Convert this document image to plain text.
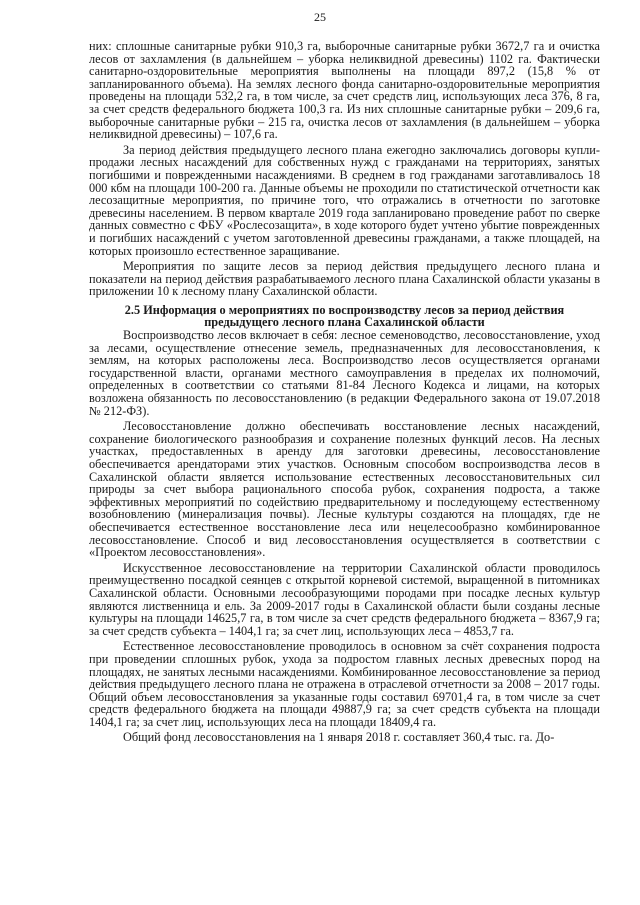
25

них: сплошные санитарные рубки 910,3 га, выборочные санитарные рубки 3672,7 га и очистка лесов от захламления (в дальнейшем – уборка неликвидной древесины) 1102 га. Фактически санитарно-оздоровительные мероприятия выполнены на площади 897,2 (15,8 % от запланированного объема). На землях лесного фонда санитарно-оздоровительные мероприятия проведены на площади 532,2 га, в том числе, за счет средств лиц, использующих леса 376, 8 га, за счет средств федерального бюджета 100,3 га. Из них сплошные санитарные рубки – 209,6 га, выборочные санитарные рубки – 215 га, очистка лесов от захламления (в дальнейшем – уборка неликвидной древесины) – 107,6 га.

За период действия предыдущего лесного плана ежегодно заключались договоры купли-продажи лесных насаждений для собственных нужд с гражданами на территориях, занятых погибшими и поврежденными насаждениями. В среднем в год гражданами заготавливалось 18 000 кбм на площади 100-200 га. Данные объемы не проходили по статистической отчетности как лесозащитные мероприятия, по причине того, что отражались в отчетности по заготовке древесины населением. В первом квартале 2019 года запланировано проведение работ по сверке данных совместно с ФБУ «Рослесозащита», в ходе которого будет учтено убытие поврежденных и погибших насаждений с учетом заготовленной древесины гражданами, а также площадей, на которых произошло естественное заращивание.

Мероприятия по защите лесов за период действия предыдущего лесного плана и показатели на период действия разрабатываемого лесного плана Сахалинской области указаны в приложении 10 к лесному плану Сахалинской области.

2.5 Информация о мероприятиях по воспроизводству лесов за период действия предыдущего лесного плана Сахалинской области

Воспроизводство лесов включает в себя: лесное семеноводство, лесовосстановление, уход за лесами, осуществление отнесение земель, предназначенных для лесовосстановления, к землям, на которых расположены леса. Воспроизводство лесов осуществляется органами государственной власти, органами местного самоуправления в пределах их полномочий, определенных в соответствии со статьями 81-84 Лесного Кодекса и лицами, на которых возложена обязанность по лесовосстановлению (в редакции Федерального закона от 19.07.2018 № 212-ФЗ).

Лесовосстановление должно обеспечивать восстановление лесных насаждений, сохранение биологического разнообразия и сохранение полезных функций лесов. На лесных участках, предоставленных в аренду для заготовки древесины, лесовосстановление обеспечивается арендаторами этих участков. Основным способом воспроизводства лесов в Сахалинской области является использование естественных лесовосстановительных сил природы за счет выбора рационального способа рубок, сохранения подроста, а также эффективных мероприятий по содействию предварительному и последующему естественному возобновлению (минерализация почвы). Лесные культуры создаются на площадях, где не обеспечивается естественное восстановление леса или нецелесообразно комбинированное лесовосстановление. Способ и вид лесовосстановления осуществляется в соответствии с «Проектом лесовосстановления».

Искусственное лесовосстановление на территории Сахалинской области проводилось преимущественно посадкой сеянцев с открытой корневой системой, выращенной в питомниках Сахалинской области. Основными лесообразующими породами при посадке лесных культур являются лиственница и ель. За 2009-2017 годы в Сахалинской области были созданы лесные культуры на площади 14625,7 га, в том числе за счет средств федерального бюджета – 8367,9 га; за счет средств субъекта – 1404,1 га; за счет лиц, использующих леса – 4853,7 га.

Естественное лесовосстановление проводилось в основном за счёт сохранения подроста при проведении сплошных рубок, ухода за подростом главных лесных древесных пород на площадях, не занятых лесными насаждениями. Комбинированное лесовосстановление за период действия предыдущего лесного плана не отражена в отраслевой отчетности за 2008 – 2017 годы. Общий объем лесовосстановления за указанные годы составил 69701,4 га, в том числе за счет средств федерального бюджета на площади 49887,9 га; за счет средств субъекта на площади 1404,1 га; за счет лиц, использующих леса на площади 18409,4 га.

Общий фонд лесовосстановления на 1 января 2018 г. составляет 360,4 тыс. га. До-
